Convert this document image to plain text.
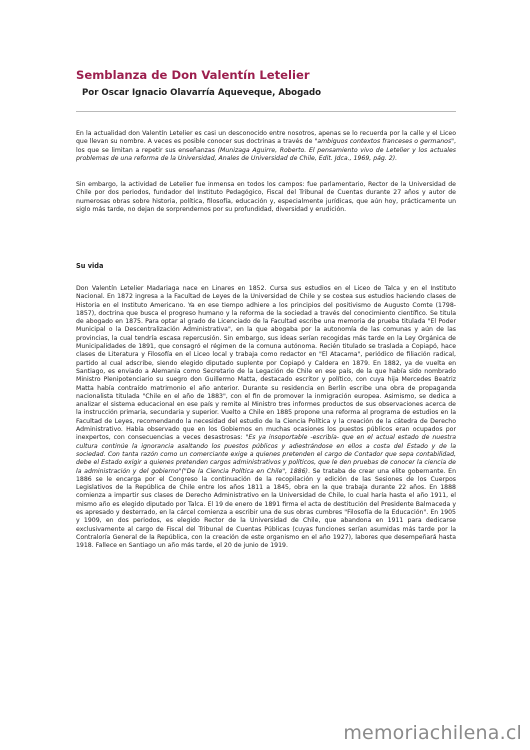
Semblanza de Don Valentín Letelier
Por Oscar Ignacio Olavarría Aqueveque, Abogado

En la actualidad don Valentín Letelier es casi un desconocido entre nosotros, apenas se lo recuerda por la calle y el Liceo que llevan su nombre. A veces es posible conocer sus doctrinas a través de "ambiguos contextos franceses o germanos", los que se limitan a repetir sus enseñanzas (Munizaga Aguirre, Roberto. El pensamiento vivo de Letelier y los actuales problemas de una reforma de la Universidad, Anales de Universidad de Chile, Edit. Jdca., 1969, pág. 2).

Sin embargo, la actividad de Letelier fue inmensa en todos los campos: fue parlamentario, Rector de la Universidad de Chile por dos periodos, fundador del Instituto Pedagógico, Fiscal del Tribunal de Cuentas durante 27 años y autor de numerosas obras sobre historia, política, filosofía, educación y, especialmente jurídicas, que aún hoy, prácticamente un siglo más tarde, no dejan de sorprendernos por su profundidad, diversidad y erudición.

Su vida

Don Valentín Letelier Madariaga nace en Linares en 1852. Cursa sus estudios en el Liceo de Talca y en el Instituto Nacional. En 1872 ingresa a la Facultad de Leyes de la Universidad de Chile y se costea sus estudios haciendo clases de Historia en el Instituto Americano. Ya en ese tiempo adhiere a los principios del positivismo de Augusto Comte (1798-1857), doctrina que busca el progreso humano y la reforma de la sociedad a través del conocimiento científico. Se titula de abogado en 1875. Para optar al grado de Licenciado de la Facultad escribe una memoria de prueba titulada "El Poder Municipal o la Descentralización Administrativa", en la que abogaba por la autonomía de las comunas y aún de las provincias, la cual tendría escasa repercusión. Sin embargo, sus ideas serían recogidas más tarde en la Ley Orgánica de Municipalidades de 1891, que consagró el régimen de la comuna autónoma. Recién titulado se traslada a Copiapó, hace clases de Literatura y Filosofía en el Liceo local y trabaja como redactor en "El Atacama", periódico de filiación radical, partido al cual adscribe, siendo elegido diputado suplente por Copiapó y Caldera en 1879. En 1882, ya de vuelta en Santiago, es enviado a Alemania como Secretario de la Legación de Chile en ese país, de la que había sido nombrado Ministro Plenipotenciario su suegro don Guillermo Matta, destacado escritor y político, con cuya hija Mercedes Beatriz Matta había contraído matrimonio el año anterior. Durante su residencia en Berlín escribe una obra de propaganda nacionalista titulada "Chile en el año de 1883", con el fin de promover la inmigración europea. Asimismo, se dedica a analizar el sistema educacional en ese país y remite al Ministro tres informes productos de sus observaciones acerca de la instrucción primaria, secundaria y superior. Vuelto a Chile en 1885 propone una reforma al programa de estudios en la Facultad de Leyes, recomendando la necesidad del estudio de la Ciencia Política y la creación de la cátedra de Derecho Administrativo. Había observado que en los Gobiernos en muchas ocasiones los puestos públicos eran ocupados por inexpertos, con consecuencias a veces desastrosas: "Es ya insoportable -escribía- que en el actual estado de nuestra cultura continúe la ignorancia asaltando los puestos públicos y adiestrándose en ellos a costa del Estado y de la sociedad. Con tanta razón como un comerciante exige a quienes pretenden el cargo de Contador que sepa contabilidad, debe el Estado exigir a quienes pretenden cargos administrativos y políticos, que le den pruebas de conocer la ciencia de la administración y del gobierno"("De la Ciencia Política en Chile", 1886). Se trataba de crear una elite gobernante. En 1886 se le encarga por el Congreso la continuación de la recopilación y edición de las Sesiones de los Cuerpos Legislativos de la República de Chile entre los años 1811 a 1845, obra en la que trabaja durante 22 años. En 1888 comienza a impartir sus clases de Derecho Administrativo en la Universidad de Chile, lo cual haría hasta el año 1911, el mismo año es elegido diputado por Talca. El 19 de enero de 1891 firma el acta de destitución del Presidente Balmaceda y es apresado y desterrado, en la cárcel comienza a escribir una de sus obras cumbres "Filosofía de la Educación". En 1905 y 1909, en dos periodos, es elegido Rector de la Universidad de Chile, que abandona en 1911 para dedicarse exclusivamente al cargo de Fiscal del Tribunal de Cuentas Públicas (cuyas funciones serían asumidas más tarde por la Contraloría General de la República, con la creación de este organismo en el año 1927), labores que desempeñará hasta 1918. Fallece en Santiago un año más tarde, el 20 de junio de 1919.

memoriachilena.cl
